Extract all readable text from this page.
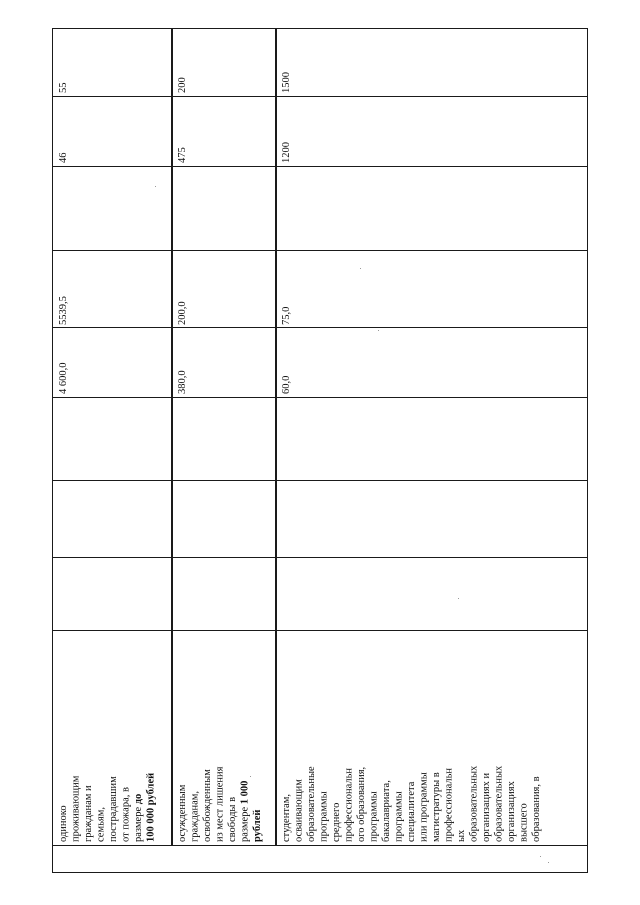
одиноко проживающим гражданам и семьям, пострадавшим от пожара, в размере до 100 000 рублей осужденным гражданам, освобожденным из мест лишения свободы в размере 1 000
рублей студентам, осваивающим образовательные программы среднего профессиональн ого образования, программы бакалавриата, программы специалитета или программы магистратуры в профессиональн ых образовательных организациях и образовательных организациях высшего образования, в
4 600,0
5539,5
46
55
380,0
200,0
475
200
60,0
75,0
1200
1500
